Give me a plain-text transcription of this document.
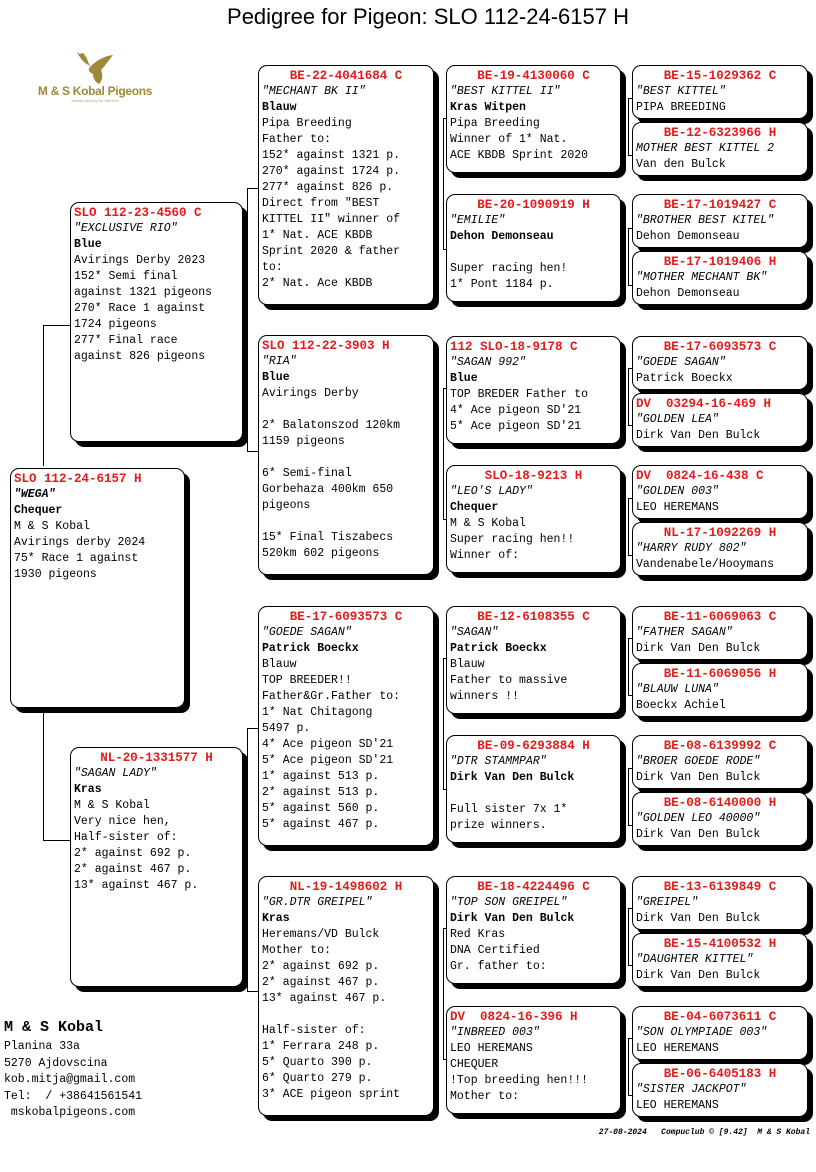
Pedigree for Pigeon: SLO 112-24-6157 H
M & S Kobal Pigeons
Always striving for the best
SLO 112-24-6157 H
"WEGA"
Chequer
M & S Kobal
Avirings derby 2024
75* Race 1 against
1930 pigeons
SLO 112-23-4560 C
"EXCLUSIVE RIO"
Blue
Avirings Derby 2023
152* Semi final
against 1321 pigeons
270* Race 1 against
1724 pigeons
277* Final race
against 826 pigeons
NL-20-1331577 H
"SAGAN LADY"
Kras
M & S Kobal
Very nice hen,
Half-sister of:
2* against 692 p.
2* against 467 p.
13* against 467 p.
BE-22-4041684 C
"MECHANT BK II"
Blauw
Pipa Breeding
Father to:
152* against 1321 p.
270* against 1724 p.
277* against 826 p.
Direct from "BEST
KITTEL II" winner of
1* Nat. ACE KBDB
Sprint 2020 & father
to:
2* Nat. Ace KBDB
SLO 112-22-3903 H
"RIA"
Blue
Avirings Derby

2* Balatonszod 120km
1159 pigeons

6* Semi-final
Gorbehaza 400km 650
pigeons

15* Final Tiszabecs
520km 602 pigeons
BE-17-6093573 C
"GOEDE SAGAN"
Patrick Boeckx
Blauw
TOP BREEDER!!
Father&Gr.Father to:
1* Nat Chitagong
5497 p.
4* Ace pigeon SD'21
5* Ace pigeon SD'21
1* against 513 p.
2* against 513 p.
5* against 560 p.
5* against 467 p.
NL-19-1498602 H
"GR.DTR GREIPEL"
Kras
Heremans/VD Bulck
Mother to:
2* against 692 p.
2* against 467 p.
13* against 467 p.

Half-sister of:
1* Ferrara 248 p.
5* Quarto 390 p.
6* Quarto 279 p.
3* ACE pigeon sprint
BE-19-4130060 C
"BEST KITTEL II"
Kras Witpen
Pipa Breeding
Winner of 1* Nat.
ACE KBDB Sprint 2020
BE-20-1090919 H
"EMILIE"
Dehon Demonseau

Super racing hen!
1* Pont 1184 p.
112 SLO-18-9178 C
"SAGAN 992"
Blue
TOP BREDER Father to
4* Ace pigeon SD'21
5* Ace pigeon SD'21
SLO-18-9213 H
"LEO'S LADY"
Chequer
M & S Kobal
Super racing hen!!
Winner of:
BE-12-6108355 C
"SAGAN"
Patrick Boeckx
Blauw
Father to massive
winners !!
BE-09-6293884 H
"DTR STAMMPAR"
Dirk Van Den Bulck

Full sister 7x 1*
prize winners.
BE-18-4224496 C
"TOP SON GREIPEL"
Dirk Van Den Bulck
Red Kras
DNA Certified
Gr. father to:
DV  0824-16-396 H
"INBREED 003"
LEO HEREMANS
CHEQUER
!Top breeding hen!!!
Mother to:
BE-15-1029362 C
"BEST KITTEL"
PIPA BREEDING
BE-12-6323966 H
MOTHER BEST KITTEL 2
Van den Bulck
BE-17-1019427 C
"BROTHER BEST KITEL"
Dehon Demonseau
BE-17-1019406 H
"MOTHER MECHANT BK"
Dehon Demonseau
BE-17-6093573 C
"GOEDE SAGAN"
Patrick Boeckx
DV  03294-16-469 H
"GOLDEN LEA"
Dirk Van Den Bulck
DV  0824-16-438 C
"GOLDEN 003"
LEO HEREMANS
NL-17-1092269 H
"HARRY RUDY 802"
Vandenabele/Hooymans
BE-11-6069063 C
"FATHER SAGAN"
Dirk Van Den Bulck
BE-11-6069056 H
"BLAUW LUNA"
Boeckx Achiel
BE-08-6139992 C
"BROER GOEDE RODE"
Dirk Van Den Bulck
BE-08-6140000 H
"GOLDEN LEO 40000"
Dirk Van Den Bulck
BE-13-6139849 C
"GREIPEL"
Dirk Van Den Bulck
BE-15-4100532 H
"DAUGHTER KITTEL"
Dirk Van Den Bulck
BE-04-6073611 C
"SON OLYMPIADE 003"
LEO HEREMANS
BE-06-6405183 H
"SISTER JACKPOT"
LEO HEREMANS
M & S Kobal
Planina 33a
5270 Ajdovscina
kob.mitja@gmail.com
Tel:  / +38641561541
mskobalpigeons.com
27-08-2024   Compuclub © [9.42]  M & S Kobal
